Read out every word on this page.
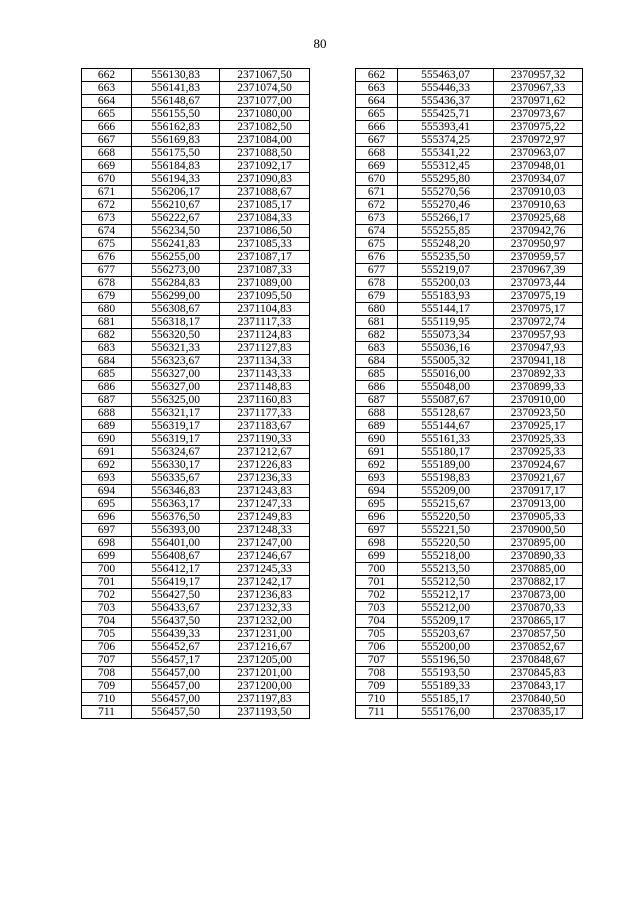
80
662	556130,83	2371067,50		662	555463,07	2370957,32
663	556141,83	2371074,50		663	555446,33	2370967,33
664	556148,67	2371077,00		664	555436,37	2370971,62
665	556155,50	2371080,00		665	555425,71	2370973,67
666	556162,83	2371082,50		666	555393,41	2370975,22
667	556169,83	2371084,00		667	555374,25	2370972,97
668	556175,50	2371088,50		668	555341,22	2370963,07
669	556184,83	2371092,17		669	555312,45	2370948,01
670	556194,33	2371090,83		670	555295,80	2370934,07
671	556206,17	2371088,67		671	555270,56	2370910,03
672	556210,67	2371085,17		672	555270,46	2370910,63
673	556222,67	2371084,33		673	555266,17	2370925,68
674	556234,50	2371086,50		674	555255,85	2370942,76
675	556241,83	2371085,33		675	555248,20	2370950,97
676	556255,00	2371087,17		676	555235,50	2370959,57
677	556273,00	2371087,33		677	555219,07	2370967,39
678	556284,83	2371089,00		678	555200,03	2370973,44
679	556299,00	2371095,50		679	555183,93	2370975,19
680	556308,67	2371104,83		680	555144,17	2370975,17
681	556318,17	2371117,33		681	555119,95	2370972,74
682	556320,50	2371124,83		682	555073,34	2370957,93
683	556321,33	2371127,83		683	555036,16	2370947,93
684	556323,67	2371134,33		684	555005,32	2370941,18
685	556327,00	2371143,33		685	555016,00	2370892,33
686	556327,00	2371148,83		686	555048,00	2370899,33
687	556325,00	2371160,83		687	555087,67	2370910,00
688	556321,17	2371177,33		688	555128,67	2370923,50
689	556319,17	2371183,67		689	555144,67	2370925,17
690	556319,17	2371190,33		690	555161,33	2370925,33
691	556324,67	2371212,67		691	555180,17	2370925,33
692	556330,17	2371226,83		692	555189,00	2370924,67
693	556335,67	2371236,33		693	555198,83	2370921,67
694	556346,83	2371243,83		694	555209,00	2370917,17
695	556363,17	2371247,33		695	555215,67	2370913,00
696	556376,50	2371249,83		696	555220,50	2370905,33
697	556393,00	2371248,33		697	555221,50	2370900,50
698	556401,00	2371247,00		698	555220,50	2370895,00
699	556408,67	2371246,67		699	555218,00	2370890,33
700	556412,17	2371245,33		700	555213,50	2370885,00
701	556419,17	2371242,17		701	555212,50	2370882,17
702	556427,50	2371236,83		702	555212,17	2370873,00
703	556433,67	2371232,33		703	555212,00	2370870,33
704	556437,50	2371232,00		704	555209,17	2370865,17
705	556439,33	2371231,00		705	555203,67	2370857,50
706	556452,67	2371216,67		706	555200,00	2370852,67
707	556457,17	2371205,00		707	555196,50	2370848,67
708	556457,00	2371201,00		708	555193,50	2370845,83
709	556457,00	2371200,00		709	555189,33	2370843,17
710	556457,00	2371197,83		710	555185,17	2370840,50
711	556457,50	2371193,50		711	555176,00	2370835,17
